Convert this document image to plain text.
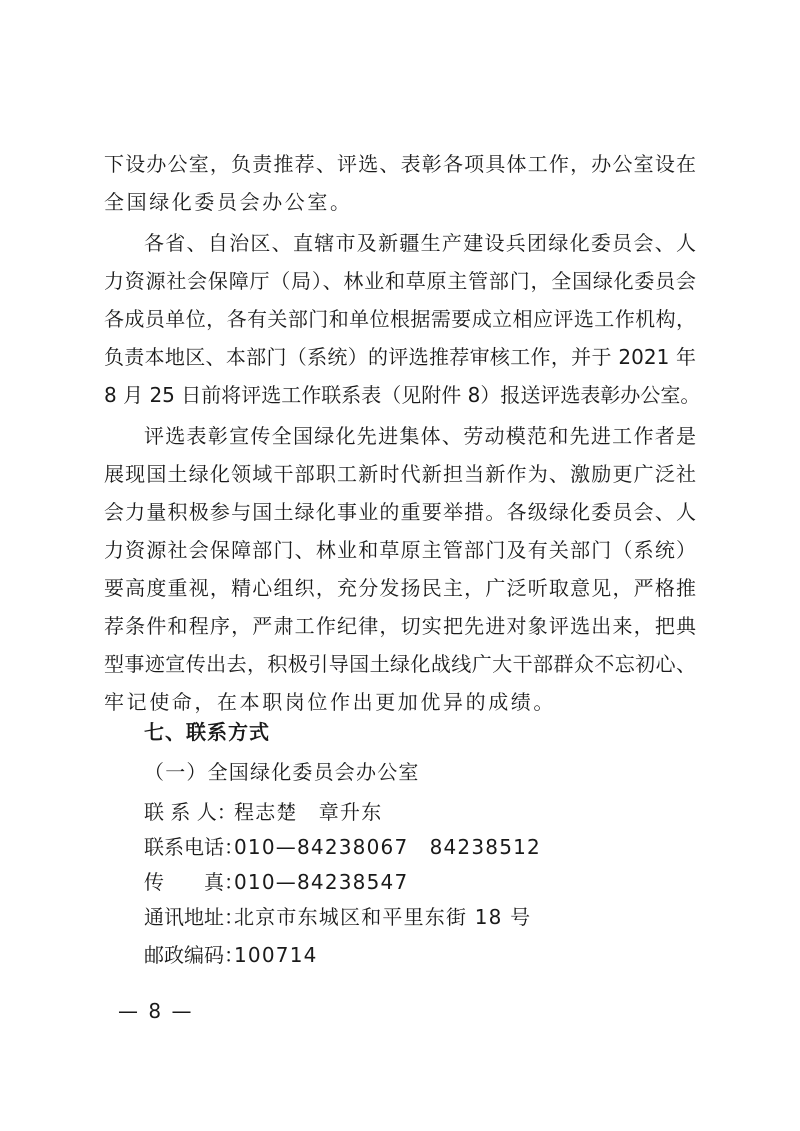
下设办公室，负责推荐、评选、表彰各项具体工作，办公室设在
全国绿化委员会办公室。
各省、自治区、直辖市及新疆生产建设兵团绿化委员会、人
力资源社会保障厅（局）、林业和草原主管部门，全国绿化委员会
各成员单位，各有关部门和单位根据需要成立相应评选工作机构，
负责本地区、本部门（系统）的评选推荐审核工作，并于 2021 年
8 月 25 日前将评选工作联系表（见附件 8）报送评选表彰办公室。
评选表彰宣传全国绿化先进集体、劳动模范和先进工作者是
展现国土绿化领域干部职工新时代新担当新作为、激励更广泛社
会力量积极参与国土绿化事业的重要举措。各级绿化委员会、人
力资源社会保障部门、林业和草原主管部门及有关部门（系统）
要高度重视，精心组织，充分发扬民主，广泛听取意见，严格推
荐条件和程序，严肃工作纪律，切实把先进对象评选出来，把典
型事迹宣传出去，积极引导国土绿化战线广大干部群众不忘初心、
牢记使命，在本职岗位作出更加优异的成绩。
七、联系方式
（一）全国绿化委员会办公室
联 系 人：程志楚　章升东
联系电话：010—84238067　84238512
传　　真：010—84238547
通讯地址：北京市东城区和平里东街 18 号
邮政编码：100714
— 8 —
